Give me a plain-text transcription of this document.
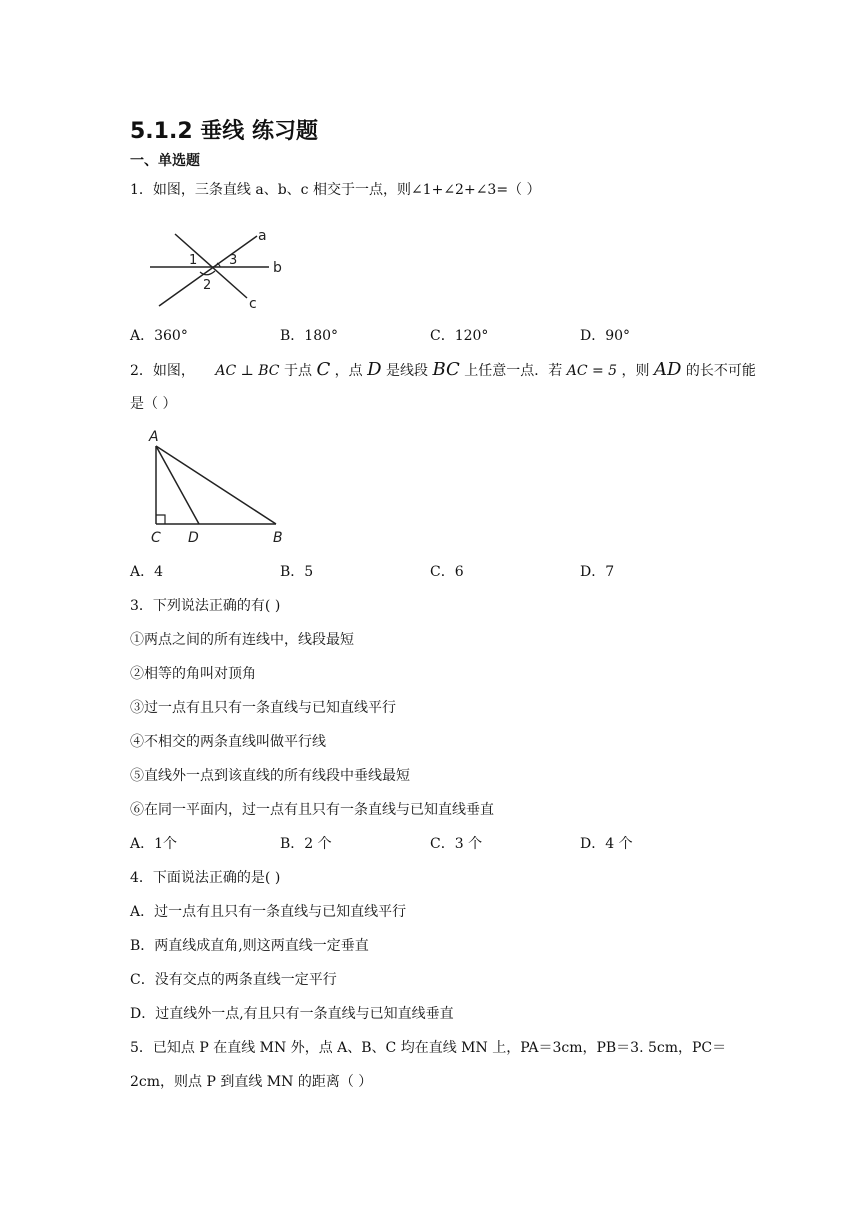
5.1.2 垂线 练习题
一、单选题
1．如图，三条直线 a、b、c 相交于一点，则∠1+∠2+∠3=（ ）
a
b
c
1
2
3
A．360°	B．180°	C．120°	D．90°
2．如图， AC ⊥ BC 于点 C ，点 D 是线段 BC 上任意一点．若 AC = 5 ，则 AD 的长不可能
是（ ）
A
C D	B
A．4	B．5	C．6	D．7
3．下列说法正确的有( )
①两点之间的所有连线中，线段最短
②相等的角叫对顶角
③过一点有且只有一条直线与已知直线平行
④不相交的两条直线叫做平行线
⑤直线外一点到该直线的所有线段中垂线最短
⑥在同一平面内，过一点有且只有一条直线与已知直线垂直
A．1个	B．2 个	C．3 个	D．4 个
4．下面说法正确的是( )
A．过一点有且只有一条直线与已知直线平行
B．两直线成直角,则这两直线一定垂直
C．没有交点的两条直线一定平行
D．过直线外一点,有且只有一条直线与已知直线垂直
5．已知点 P 在直线 MN 外，点 A、B、C 均在直线 MN 上，PA＝3cm，PB＝3. 5cm，PC＝
2cm，则点 P 到直线 MN 的距离（ ）
